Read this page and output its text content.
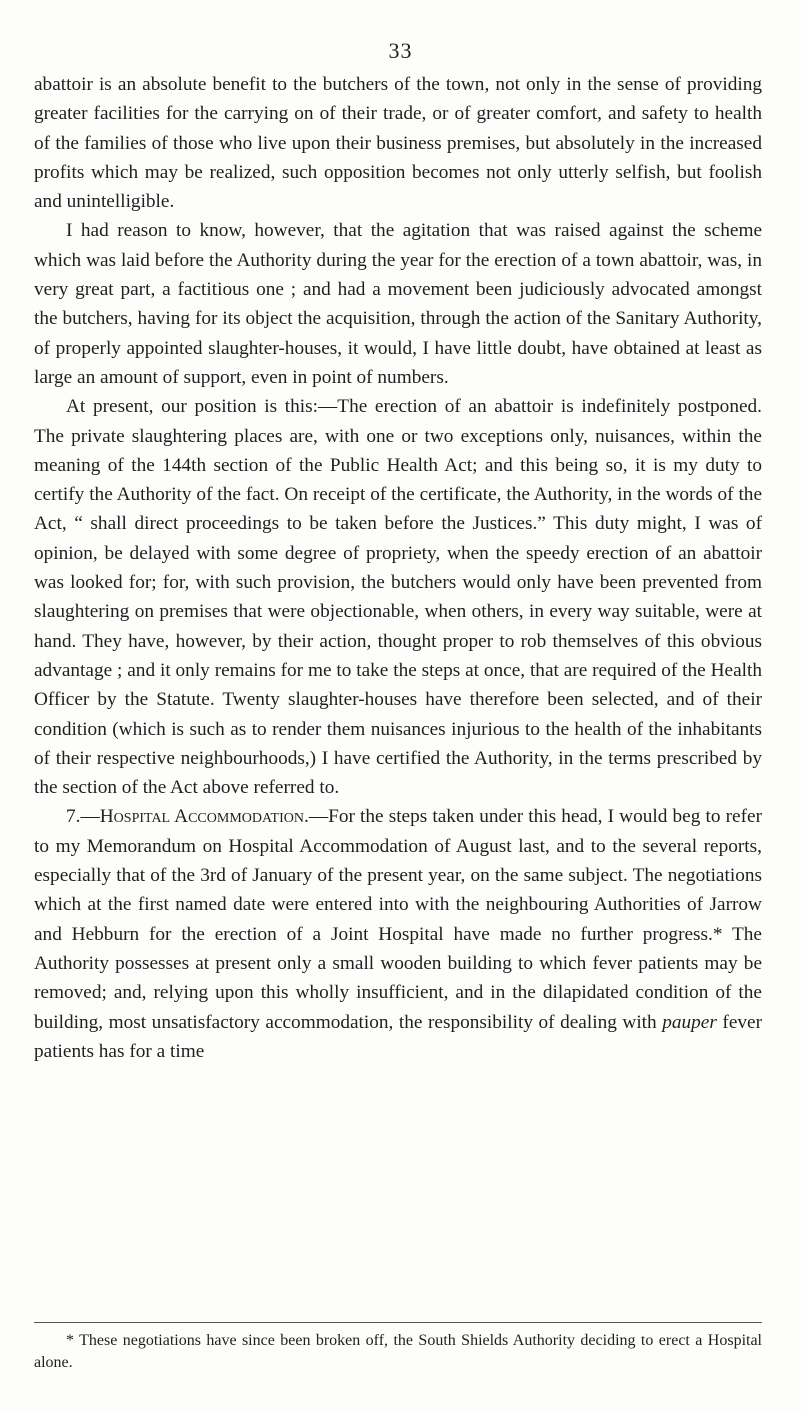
33

abattoir is an absolute benefit to the butchers of the town, not only in the sense of providing greater facilities for the carrying on of their trade, or of greater comfort, and safety to health of the families of those who live upon their business premises, but absolutely in the increased profits which may be realized, such opposition becomes not only utterly selfish, but foolish and unintelligible.

I had reason to know, however, that the agitation that was raised against the scheme which was laid before the Authority during the year for the erection of a town abattoir, was, in very great part, a factitious one ; and had a movement been judiciously advocated amongst the butchers, having for its object the acquisition, through the action of the Sanitary Authority, of properly appointed slaughter-houses, it would, I have little doubt, have obtained at least as large an amount of support, even in point of numbers.

At present, our position is this:—The erection of an abattoir is indefinitely postponed. The private slaughtering places are, with one or two exceptions only, nuisances, within the meaning of the 144th section of the Public Health Act; and this being so, it is my duty to certify the Authority of the fact. On receipt of the certificate, the Authority, in the words of the Act, “ shall direct proceedings to be taken before the Justices.” This duty might, I was of opinion, be delayed with some degree of propriety, when the speedy erection of an abattoir was looked for; for, with such provision, the butchers would only have been prevented from slaughtering on premises that were objectionable, when others, in every way suitable, were at hand. They have, however, by their action, thought proper to rob themselves of this obvious advantage ; and it only remains for me to take the steps at once, that are required of the Health Officer by the Statute. Twenty slaughter-houses have therefore been selected, and of their condition (which is such as to render them nuisances injurious to the health of the inhabitants of their respective neighbourhoods,) I have certified the Authority, in the terms prescribed by the section of the Act above referred to.

7.—Hospital Accommodation.—For the steps taken under this head, I would beg to refer to my Memorandum on Hospital Accommodation of August last, and to the several reports, especially that of the 3rd of January of the present year, on the same subject. The negotiations which at the first named date were entered into with the neighbouring Authorities of Jarrow and Hebburn for the erection of a Joint Hospital have made no further progress.* The Authority possesses at present only a small wooden building to which fever patients may be removed; and, relying upon this wholly insufficient, and in the dilapidated condition of the building, most unsatisfactory accommodation, the responsibility of dealing with pauper fever patients has for a time

* These negotiations have since been broken off, the South Shields Authority deciding to erect a Hospital alone.
